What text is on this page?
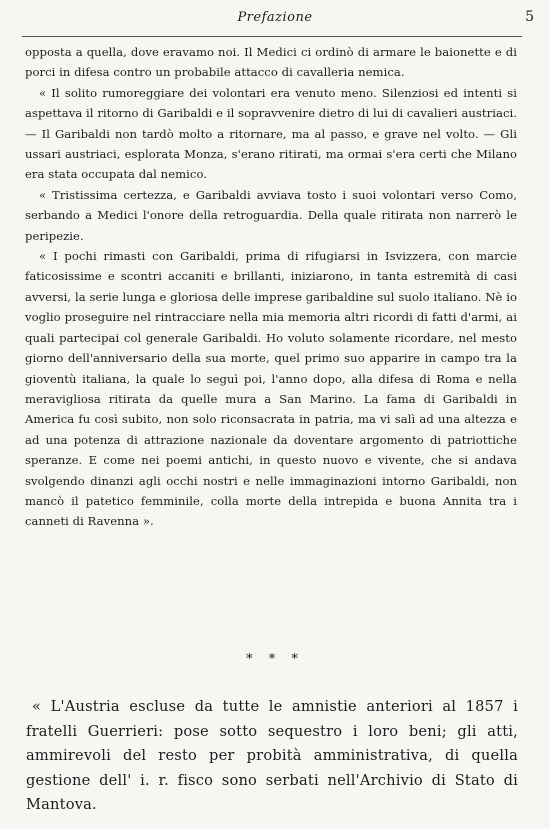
Prefazione	5

opposta a quella, dove eravamo noi. Il Medici ci ordinò di armare le baionette e di porci in difesa contro un probabile attacco di cavalleria nemica.

« Il solito rumoreggiare dei volontari era venuto meno. Silenziosi ed intenti si aspettava il ritorno di Garibaldi e il sopravvenire dietro di lui di cavalieri austriaci. — Il Garibaldi non tardò molto a ritornare, ma al passo, e grave nel volto. — Gli ussari austriaci, esplorata Monza, s'erano ritirati, ma ormai s'era certi che Milano era stata occupata dal nemico.

« Tristissima certezza, e Garibaldi avviava tosto i suoi volontari verso Como, serbando a Medici l'onore della retroguardia. Della quale ritirata non narrerò le peripezie.

« I pochi rimasti con Garibaldi, prima di rifugiarsi in Isvizzera, con marcie faticosissime e scontri accaniti e brillanti, iniziarono, in tanta estremità di casi avversi, la serie lunga e gloriosa delle imprese garibaldine sul suolo italiano. Nè io voglio proseguire nel rintracciare nella mia memoria altri ricordi di fatti d'armi, ai quali partecipai col generale Garibaldi. Ho voluto solamente ricordare, nel mesto giorno dell'anniversario della sua morte, quel primo suo apparire in campo tra la gioventù italiana, la quale lo seguì poi, l'anno dopo, alla difesa di Roma e nella meravigliosa ritirata da quelle mura a San Marino. La fama di Garibaldi in America fu così subito, non solo riconsacrata in patria, ma vi salì ad una altezza e ad una potenza di attrazione nazionale da doventare argomento di patriottiche speranze. E come nei poemi antichi, in questo nuovo e vivente, che si andava svolgendo dinanzi agli occhi nostri e nelle immaginazioni intorno Garibaldi, non mancò il patetico femminile, colla morte della intrepida e buona Annita tra i canneti di Ravenna ».

* * *
« L'Austria escluse da tutte le amnistie anteriori al 1857 i fratelli Guerrieri: pose sotto sequestro i loro beni; gli atti, ammirevoli del resto per probità amministrativa, di quella gestione dell' i. r. fisco sono serbati nell'Archivio di Stato di Mantova.
